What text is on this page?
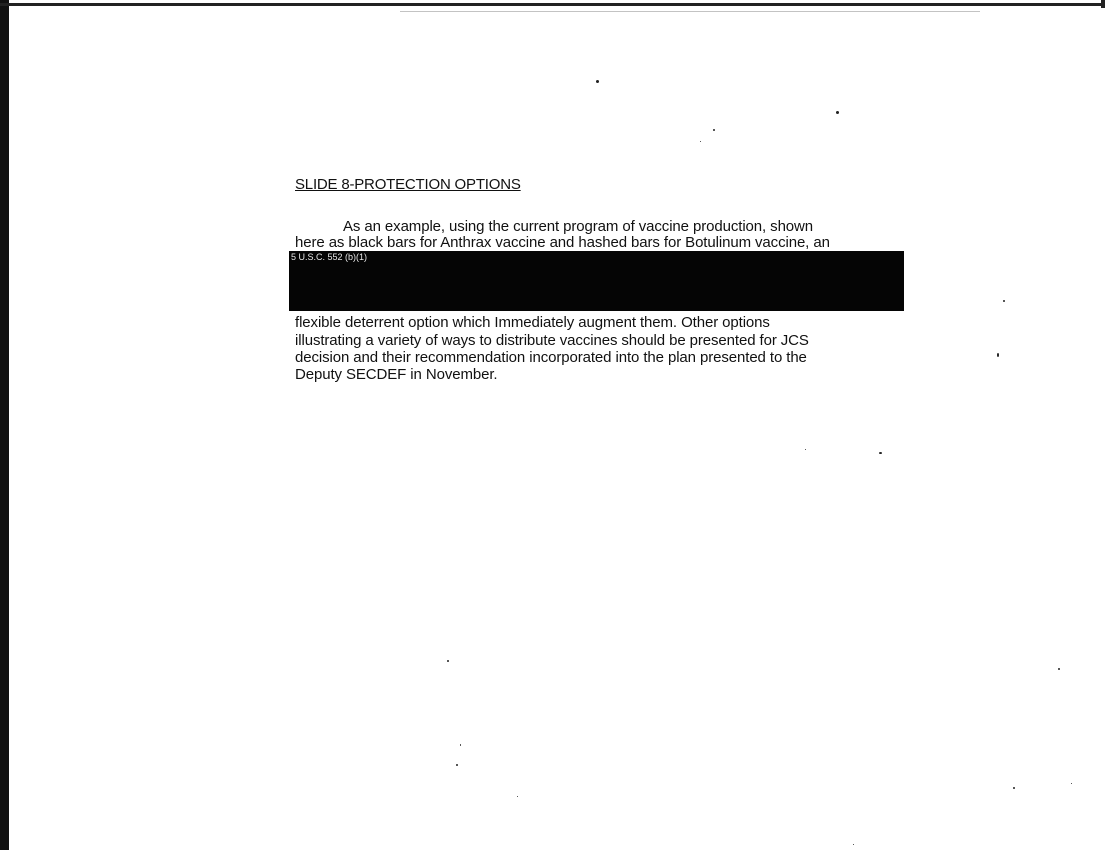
SLIDE 8-PROTECTION OPTIONS
As an example, using the current program of vaccine production, shown
here as black bars for Anthrax vaccine and hashed bars for Botulinum vaccine, an
5 U.S.C. 552 (b)(1)
flexible deterrent option which Immediately augment them. Other options
illustrating a variety of ways to distribute vaccines should be presented for JCS
decision and their recommendation incorporated into the plan presented to the
Deputy SECDEF in November.
